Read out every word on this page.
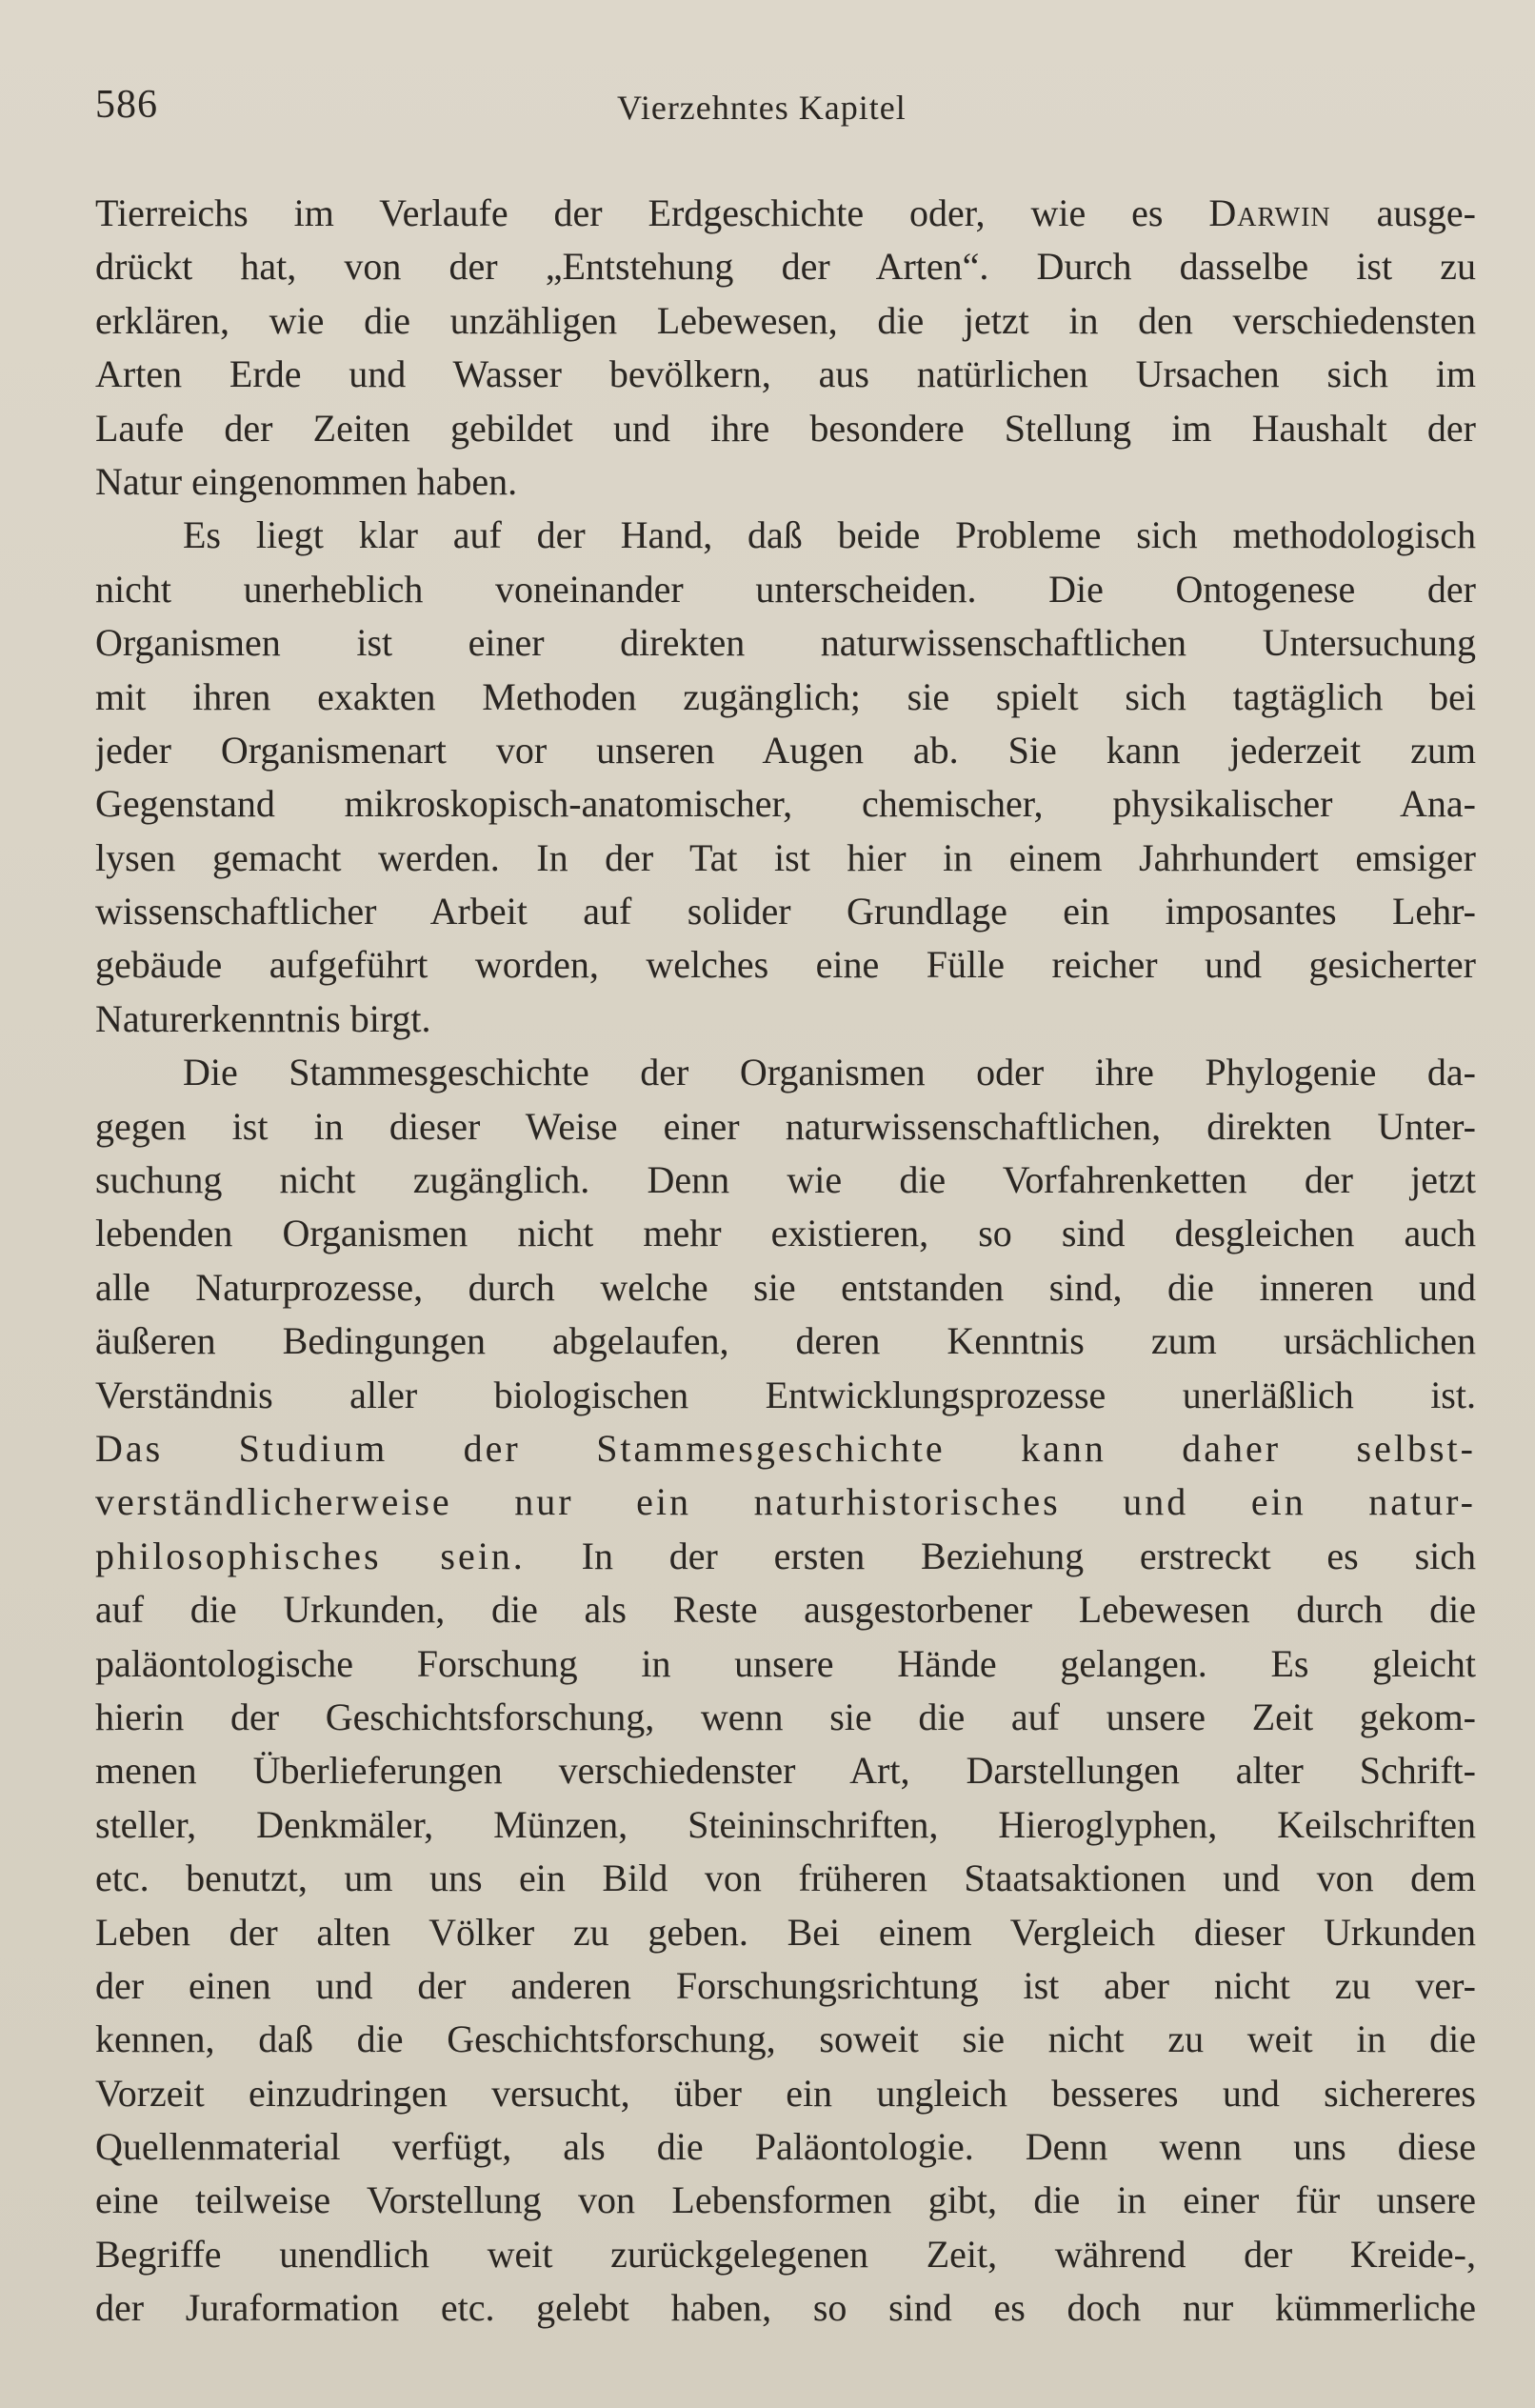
586	Vierzehntes Kapitel
Tierreichs im Verlaufe der Erdgeschichte oder, wie es Darwin ausge-
drückt hat, von der „Entstehung der Arten“. Durch dasselbe ist zu
erklären, wie die unzähligen Lebewesen, die jetzt in den verschiedensten
Arten Erde und Wasser bevölkern, aus natürlichen Ursachen sich im
Laufe der Zeiten gebildet und ihre besondere Stellung im Haushalt der
Natur eingenommen haben.
Es liegt klar auf der Hand, daß beide Probleme sich methodologisch
nicht unerheblich voneinander unterscheiden. Die Ontogenese der
Organismen ist einer direkten naturwissenschaftlichen Untersuchung
mit ihren exakten Methoden zugänglich; sie spielt sich tagtäglich bei
jeder Organismenart vor unseren Augen ab. Sie kann jederzeit zum
Gegenstand mikroskopisch-anatomischer, chemischer, physikalischer Ana-
lysen gemacht werden. In der Tat ist hier in einem Jahrhundert emsiger
wissenschaftlicher Arbeit auf solider Grundlage ein imposantes Lehr-
gebäude aufgeführt worden, welches eine Fülle reicher und gesicherter
Naturerkenntnis birgt.
Die Stammesgeschichte der Organismen oder ihre Phylogenie da-
gegen ist in dieser Weise einer naturwissenschaftlichen, direkten Unter-
suchung nicht zugänglich. Denn wie die Vorfahrenketten der jetzt
lebenden Organismen nicht mehr existieren, so sind desgleichen auch
alle Naturprozesse, durch welche sie entstanden sind, die inneren und
äußeren Bedingungen abgelaufen, deren Kenntnis zum ursächlichen
Verständnis aller biologischen Entwicklungsprozesse unerläßlich ist.
Das Studium der Stammesgeschichte kann daher selbst-
verständlicherweise nur ein naturhistorisches und ein natur-
philosophisches sein. In der ersten Beziehung erstreckt es sich
auf die Urkunden, die als Reste ausgestorbener Lebewesen durch die
paläontologische Forschung in unsere Hände gelangen. Es gleicht
hierin der Geschichtsforschung, wenn sie die auf unsere Zeit gekom-
menen Überlieferungen verschiedenster Art, Darstellungen alter Schrift-
steller, Denkmäler, Münzen, Steininschriften, Hieroglyphen, Keilschriften
etc. benutzt, um uns ein Bild von früheren Staatsaktionen und von dem
Leben der alten Völker zu geben. Bei einem Vergleich dieser Urkunden
der einen und der anderen Forschungsrichtung ist aber nicht zu ver-
kennen, daß die Geschichtsforschung, soweit sie nicht zu weit in die
Vorzeit einzudringen versucht, über ein ungleich besseres und sichereres
Quellenmaterial verfügt, als die Paläontologie. Denn wenn uns diese
eine teilweise Vorstellung von Lebensformen gibt, die in einer für unsere
Begriffe unendlich weit zurückgelegenen Zeit, während der Kreide-,
der Juraformation etc. gelebt haben, so sind es doch nur kümmerliche
